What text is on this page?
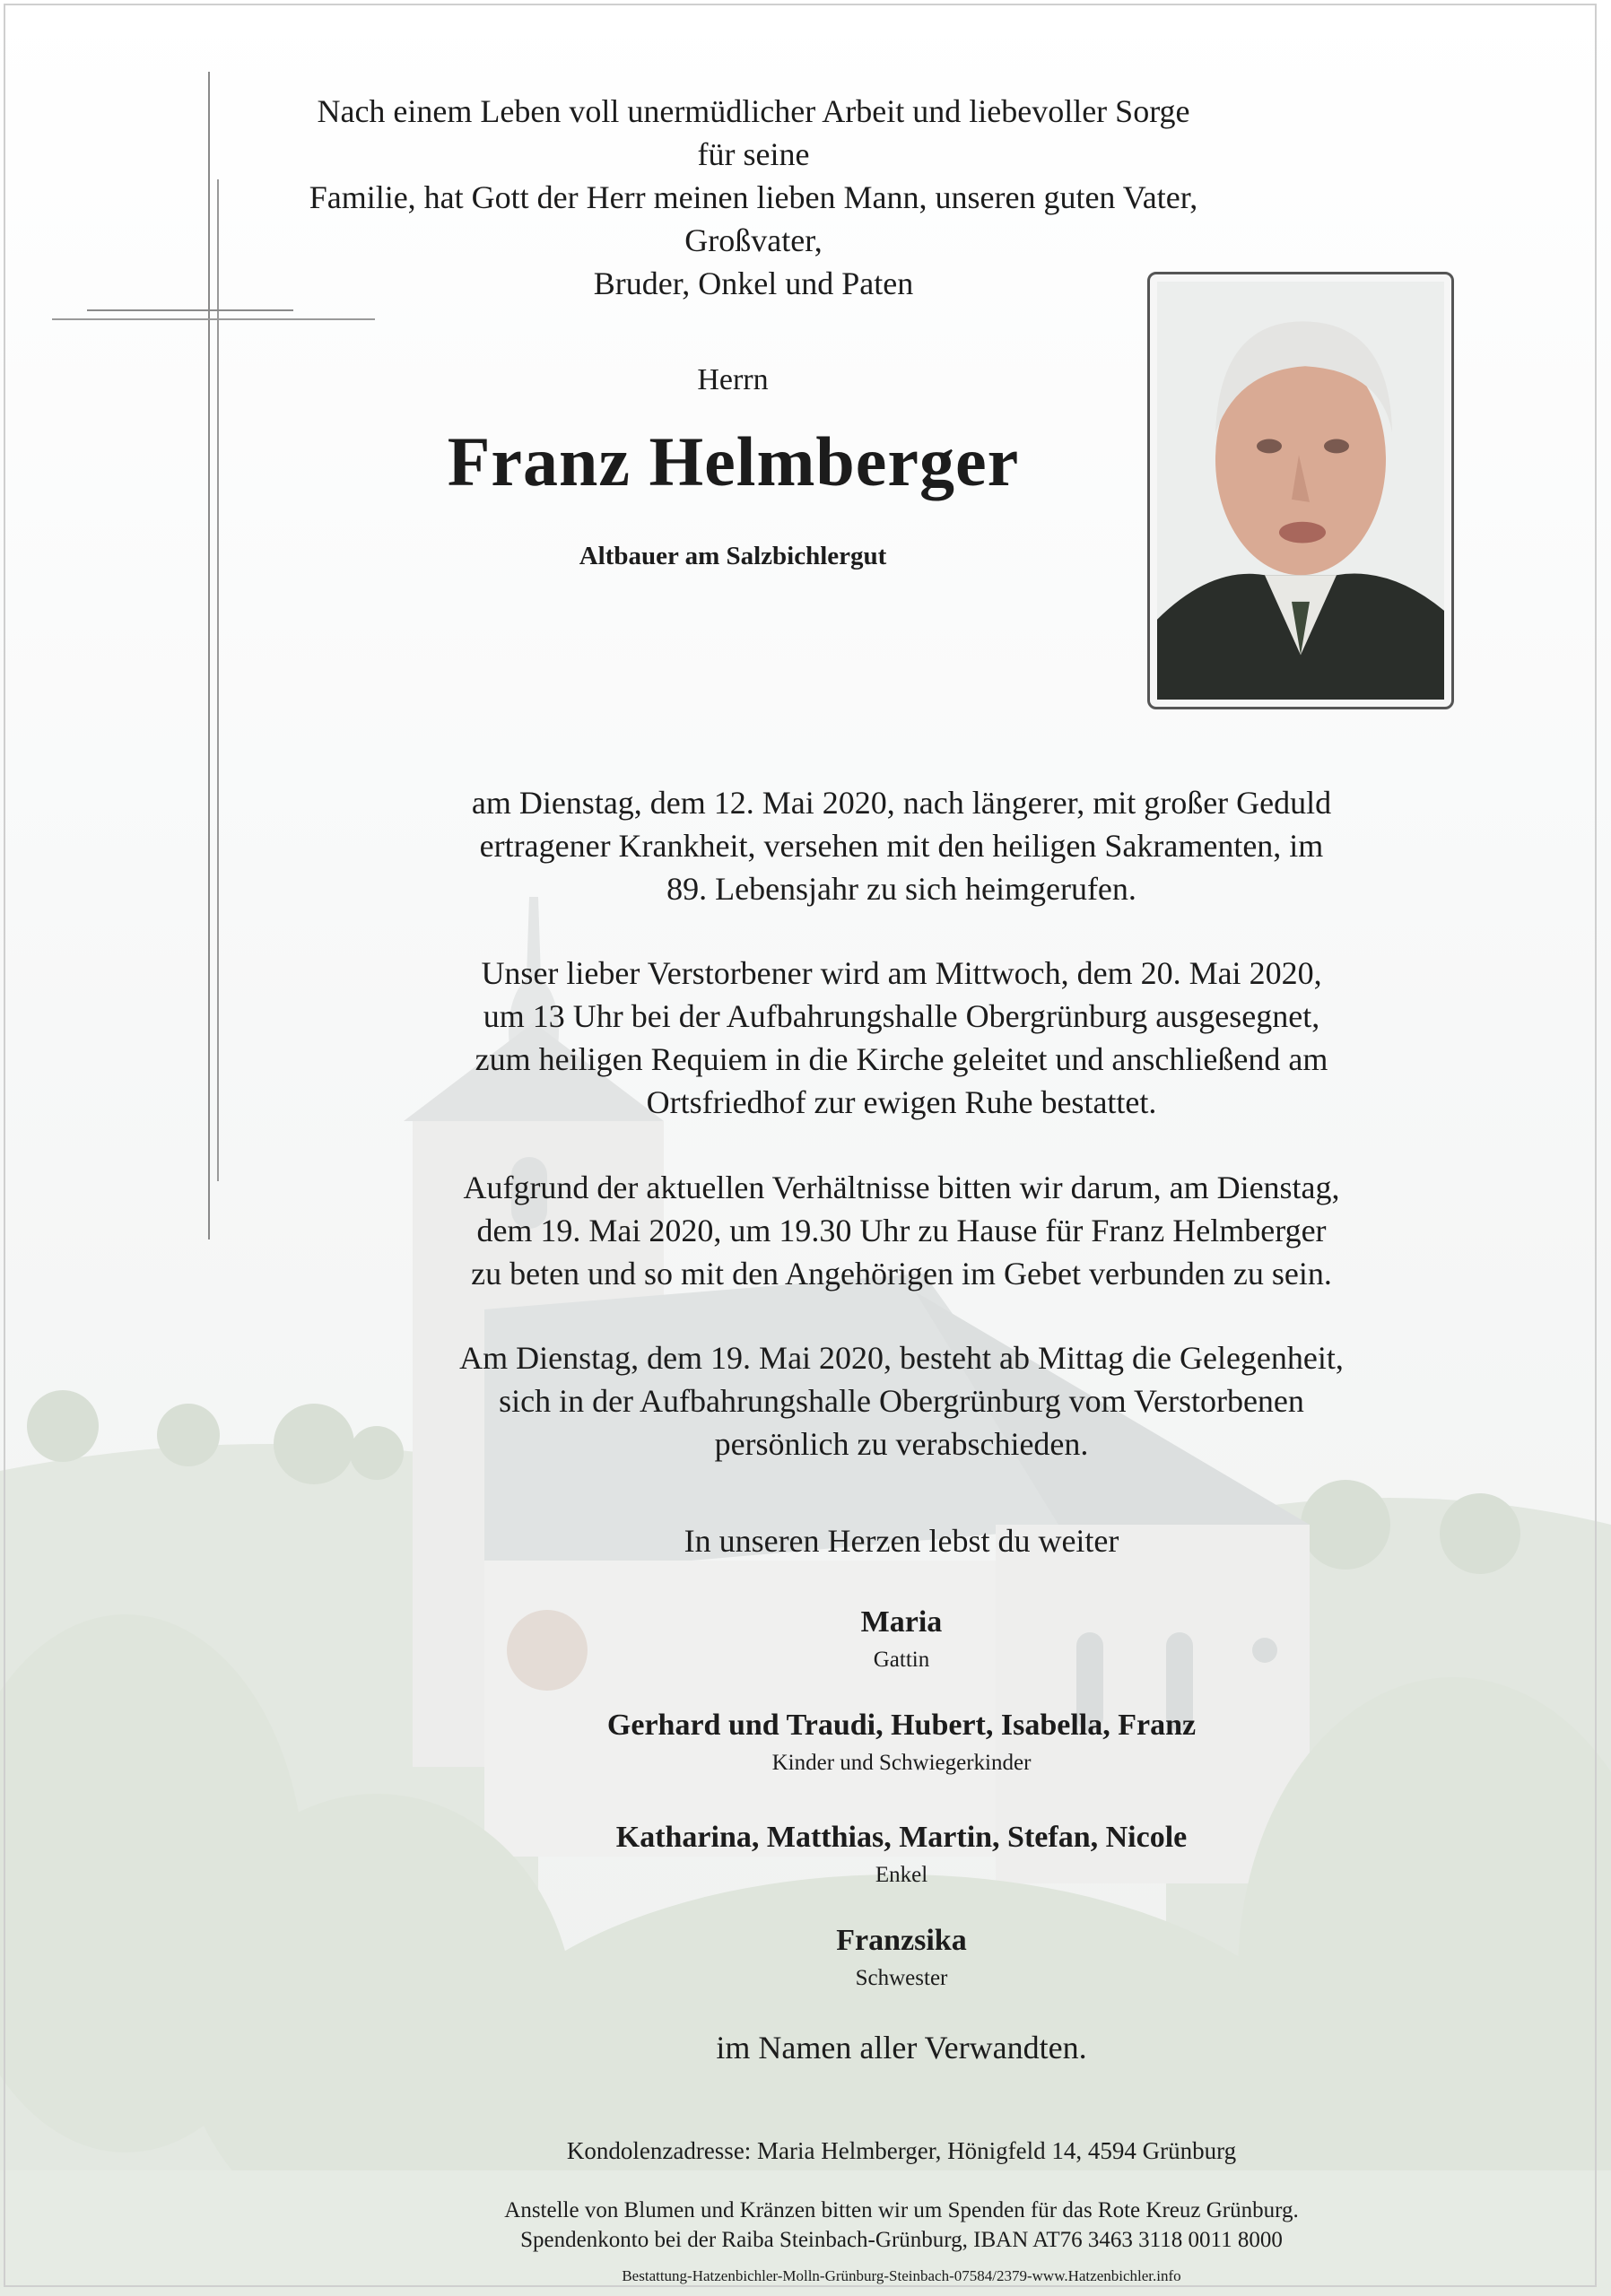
Nach einem Leben voll unermüdlicher Arbeit und liebevoller Sorge für seine
Familie, hat Gott der Herr meinen lieben Mann, unseren guten Vater, Großvater,
Bruder, Onkel und Paten
Herrn
Franz Helmberger
Altbauer am Salzbichlergut
am Dienstag, dem 12. Mai 2020, nach längerer, mit großer Geduld
ertragener Krankheit, versehen mit den heiligen Sakramenten, im
89. Lebensjahr zu sich heimgerufen.
Unser lieber Verstorbener wird am Mittwoch, dem 20. Mai 2020,
um 13 Uhr bei der Aufbahrungshalle Obergrünburg ausgesegnet,
zum heiligen Requiem in die Kirche geleitet und anschließend am
Ortsfriedhof zur ewigen Ruhe bestattet.
Aufgrund der aktuellen Verhältnisse bitten wir darum, am Dienstag,
dem 19. Mai 2020, um 19.30 Uhr zu Hause für Franz Helmberger
zu beten und so mit den Angehörigen im Gebet verbunden zu sein.
Am Dienstag, dem 19. Mai 2020, besteht ab Mittag die Gelegenheit,
sich in der Aufbahrungshalle Obergrünburg vom Verstorbenen
persönlich zu verabschieden.
In unseren Herzen lebst du weiter
Maria
Gattin
Gerhard und Traudi, Hubert, Isabella, Franz
Kinder und Schwiegerkinder
Katharina, Matthias, Martin, Stefan, Nicole
Enkel
Franzsika
Schwester
im Namen aller Verwandten.
Kondolenzadresse: Maria Helmberger, Hönigfeld 14, 4594 Grünburg
Anstelle von Blumen und Kränzen bitten wir um Spenden für das Rote Kreuz Grünburg.
Spendenkonto bei der Raiba Steinbach-Grünburg, IBAN AT76 3463 3118 0011 8000
Bestattung-Hatzenbichler-Molln-Grünburg-Steinbach-07584/2379-www.Hatzenbichler.info
